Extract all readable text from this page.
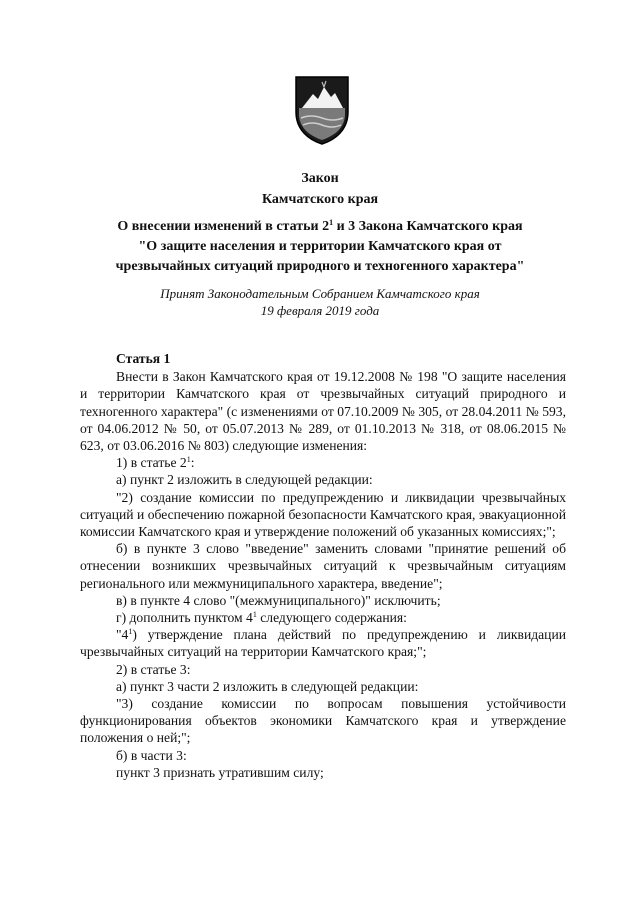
Закон
Камчатского края
О внесении изменений в статьи $2^1$ и 3 Закона Камчатского края
"О защите населения и территории Камчатского края от
чрезвычайных ситуаций природного и техногенного характера"
Принят Законодательным Собранием Камчатского края
19 февраля 2019 года

Статья 1

Внести в Закон Камчатского края от 19.12.2008 № 198 "О защите населения и территории Камчатского края от чрезвычайных ситуаций природного и техногенного характера" (с изменениями от 07.10.2009 № 305, от 28.04.2011 № 593, от 04.06.2012 № 50, от 05.07.2013 № 289, от 01.10.2013 № 318, от 08.06.2015 № 623, от 03.06.2016 № 803) следующие изменения:

1) в статье $2^1$:

а) пункт 2 изложить в следующей редакции:

"2) создание комиссии по предупреждению и ликвидации чрезвычайных ситуаций и обеспечению пожарной безопасности Камчатского края, эвакуационной комиссии Камчатского края и утверждение положений об указанных комиссиях;";

б) в пункте 3 слово "введение" заменить словами "принятие решений об отнесении возникших чрезвычайных ситуаций к чрезвычайным ситуациям регионального или межмуниципального характера, введение";

в) в пункте 4 слово "(межмуниципального)" исключить;

г) дополнить пунктом $4^1$ следующего содержания:

"$4^1$) утверждение плана действий по предупреждению и ликвидации чрезвычайных ситуаций на территории Камчатского края;";

2) в статье 3:

а) пункт 3 части 2 изложить в следующей редакции:

"3) создание комиссии по вопросам повышения устойчивости функционирования объектов экономики Камчатского края и утверждение положения о ней;";

б) в части 3:

пункт 3 признать утратившим силу;
